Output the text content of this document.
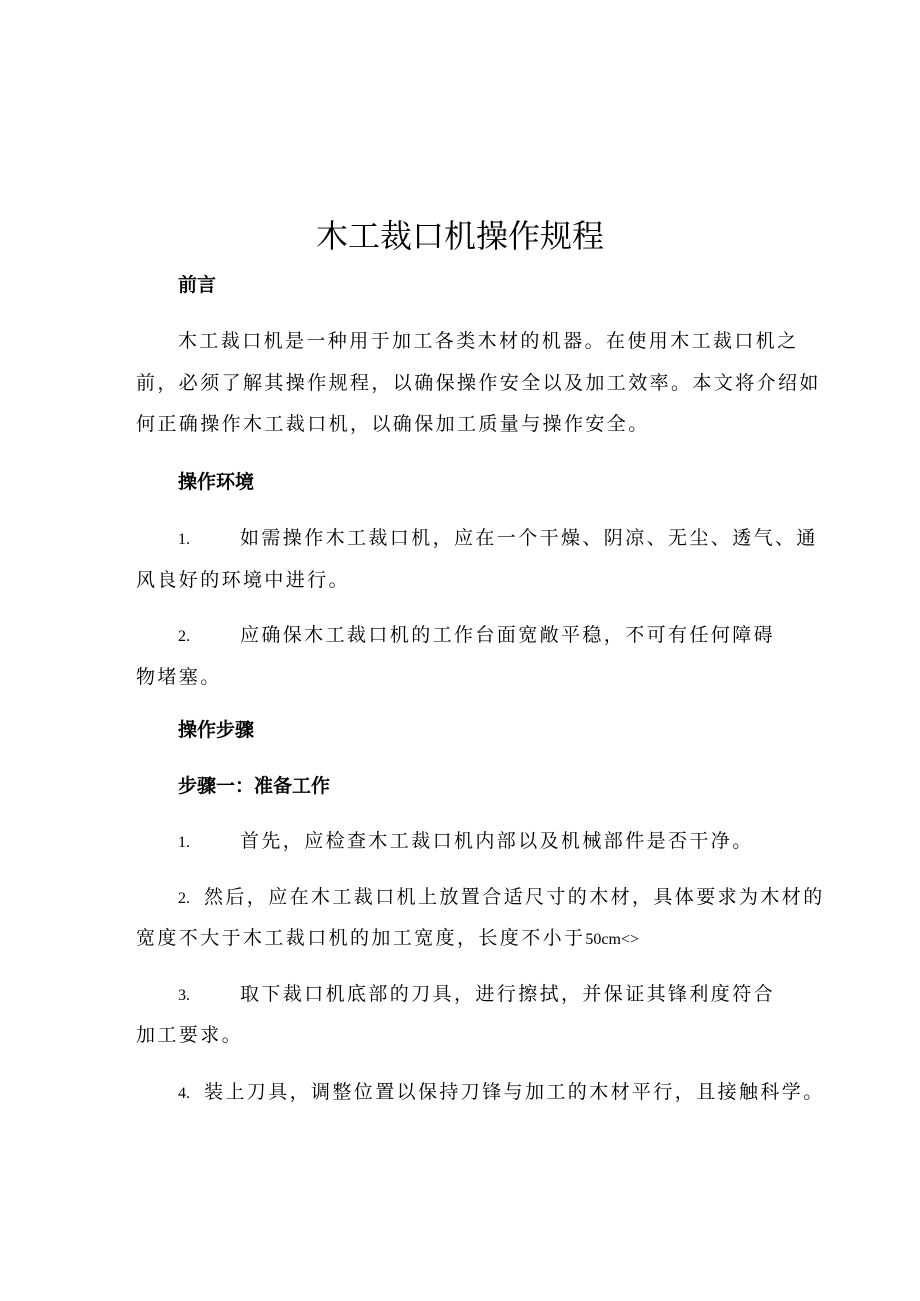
木工裁口机操作规程
前言
木工裁口机是一种用于加工各类木材的机器。在使用木工裁口机之
前，必须了解其操作规程，以确保操作安全以及加工效率。本文将介绍如
何正确操作木工裁口机，以确保加工质量与操作安全。
操作环境
1.	如需操作木工裁口机，应在一个干燥、阴凉、无尘、透气、通
风良好的环境中进行。
2.	应确保木工裁口机的工作台面宽敞平稳，不可有任何障碍
物堵塞。
操作步骤
步骤一：准备工作
1.	首先，应检查木工裁口机内部以及机械部件是否干净。
2. 然后，应在木工裁口机上放置合适尺寸的木材，具体要求为木材的
宽度不大于木工裁口机的加工宽度，长度不小于50cm<>
3.	取下裁口机底部的刀具，进行擦拭，并保证其锋利度符合
加工要求。
4. 装上刀具，调整位置以保持刀锋与加工的木材平行，且接触科学。
